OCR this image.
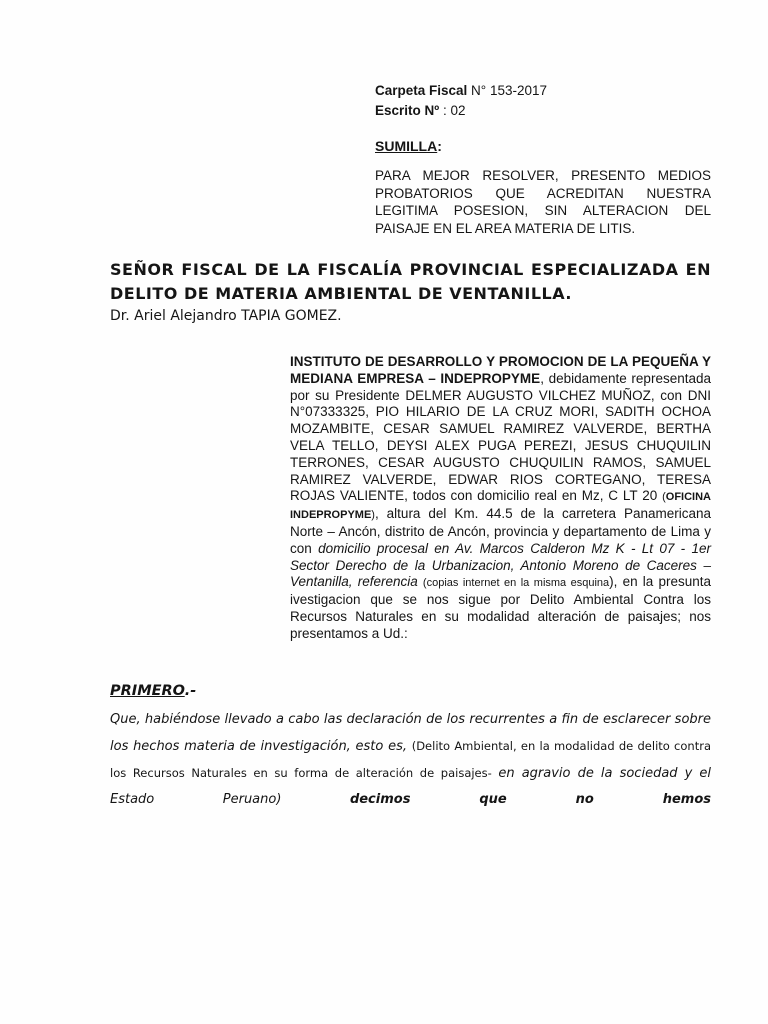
Carpeta Fiscal N° 153-2017
Escrito Nº : 02
SUMILLA:
PARA MEJOR RESOLVER, PRESENTO MEDIOS PROBATORIOS QUE ACREDITAN NUESTRA LEGITIMA POSESION, SIN ALTERACION DEL PAISAJE EN EL AREA MATERIA DE LITIS.
SEÑOR FISCAL DE LA FISCALÍA PROVINCIAL ESPECIALIZADA EN DELITO DE MATERIA AMBIENTAL DE VENTANILLA.
Dr. Ariel Alejandro TAPIA GOMEZ.
INSTITUTO DE DESARROLLO Y PROMOCION DE LA PEQUEÑA Y MEDIANA EMPRESA – INDEPROPYME, debidamente representada por su Presidente DELMER AUGUSTO VILCHEZ MUÑOZ, con DNI N°07333325, PIO HILARIO DE LA CRUZ MORI, SADITH OCHOA MOZAMBITE, CESAR SAMUEL RAMIREZ VALVERDE, BERTHA VELA TELLO, DEYSI ALEX PUGA PEREZI, JESUS CHUQUILIN TERRONES, CESAR AUGUSTO CHUQUILIN RAMOS, SAMUEL RAMIREZ VALVERDE, EDWAR RIOS CORTEGANO, TERESA ROJAS VALIENTE, todos con domicilio real en Mz, C LT 20 (OFICINA INDEPROPYME), altura del Km. 44.5 de la carretera Panamericana Norte – Ancón, distrito de Ancón, provincia y departamento de Lima y con domicilio procesal en Av. Marcos Calderon Mz K - Lt 07 - 1er Sector Derecho de la Urbanizacion, Antonio Moreno de Caceres – Ventanilla, referencia (copias internet en la misma esquina), en la presunta ivestigacion que se nos sigue por Delito Ambiental Contra los Recursos Naturales en su modalidad alteración de paisajes; nos presentamos a Ud.:
PRIMERO.-
Que, habiéndose llevado a cabo las declaración de los recurrentes a fin de esclarecer sobre los hechos materia de investigación, esto es, (Delito Ambiental, en la modalidad de delito contra los Recursos Naturales en su forma de alteración de paisajes- en agravio de la sociedad y el Estado Peruano) decimos que no hemos
